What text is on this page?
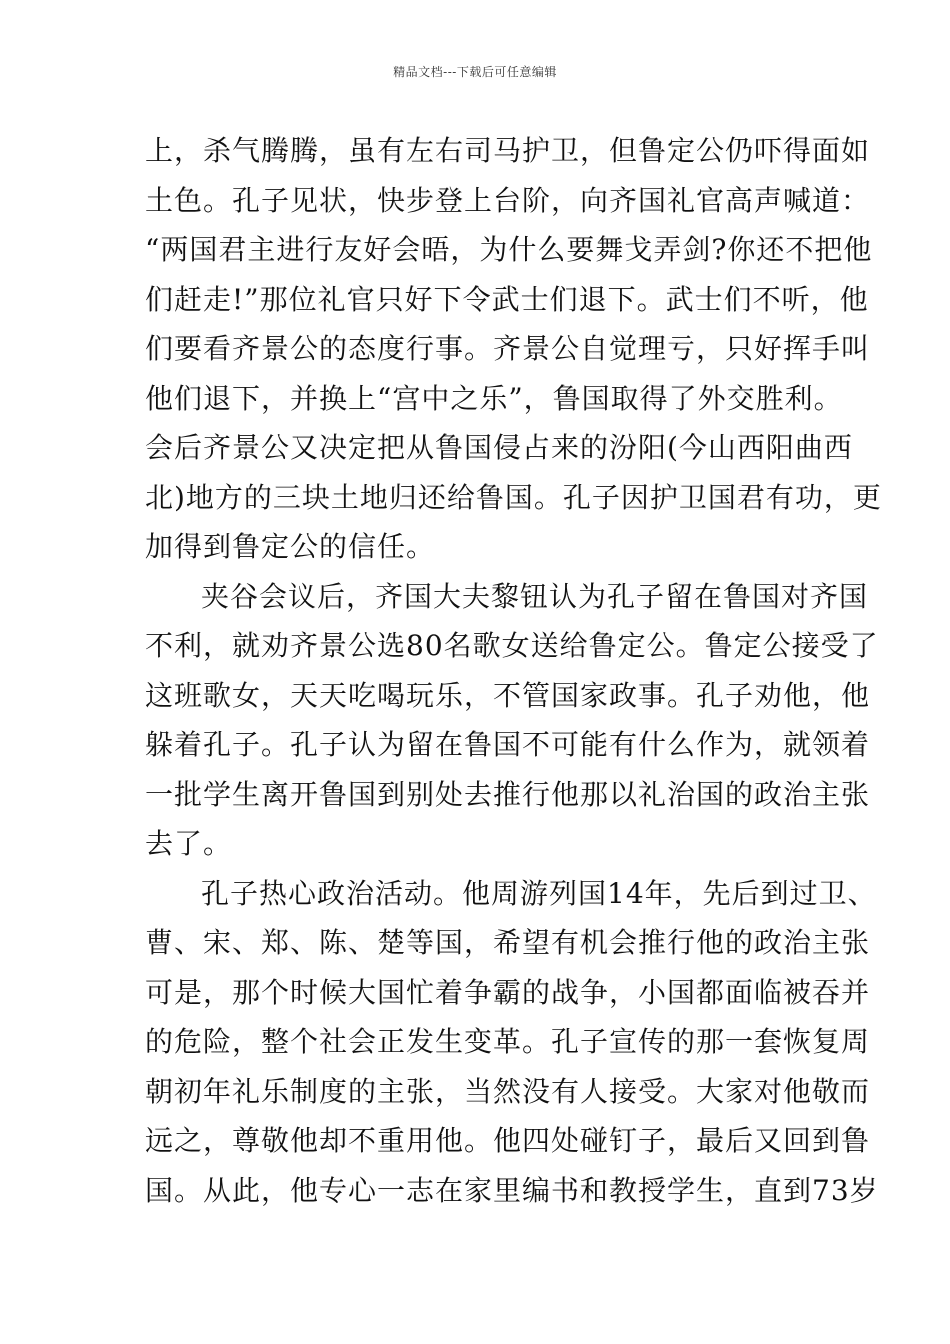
精品文档---下载后可任意编辑
上，杀气腾腾，虽有左右司马护卫，但鲁定公仍吓得面如
土色。孔子见状，快步登上台阶，向齐国礼官高声喊道：
“两国君主进行友好会晤，为什么要舞戈弄剑?你还不把他
们赶走!”那位礼官只好下令武士们退下。武士们不听，他
们要看齐景公的态度行事。齐景公自觉理亏，只好挥手叫
他们退下，并换上“宫中之乐”，鲁国取得了外交胜利。
会后齐景公又决定把从鲁国侵占来的汾阳(今山西阳曲西
北)地方的三块土地归还给鲁国。孔子因护卫国君有功，更
加得到鲁定公的信任。
夹谷会议后，齐国大夫黎钮认为孔子留在鲁国对齐国
不利，就劝齐景公选80名歌女送给鲁定公。鲁定公接受了
这班歌女，天天吃喝玩乐，不管国家政事。孔子劝他，他
躲着孔子。孔子认为留在鲁国不可能有什么作为，就领着
一批学生离开鲁国到别处去推行他那以礼治国的政治主张
去了。
孔子热心政治活动。他周游列国14年，先后到过卫、
曹、宋、郑、陈、楚等国，希望有机会推行他的政治主张
可是，那个时候大国忙着争霸的战争，小国都面临被吞并
的危险，整个社会正发生变革。孔子宣传的那一套恢复周
朝初年礼乐制度的主张，当然没有人接受。大家对他敬而
远之，尊敬他却不重用他。他四处碰钉子，最后又回到鲁
国。从此，他专心一志在家里编书和教授学生，直到73岁
